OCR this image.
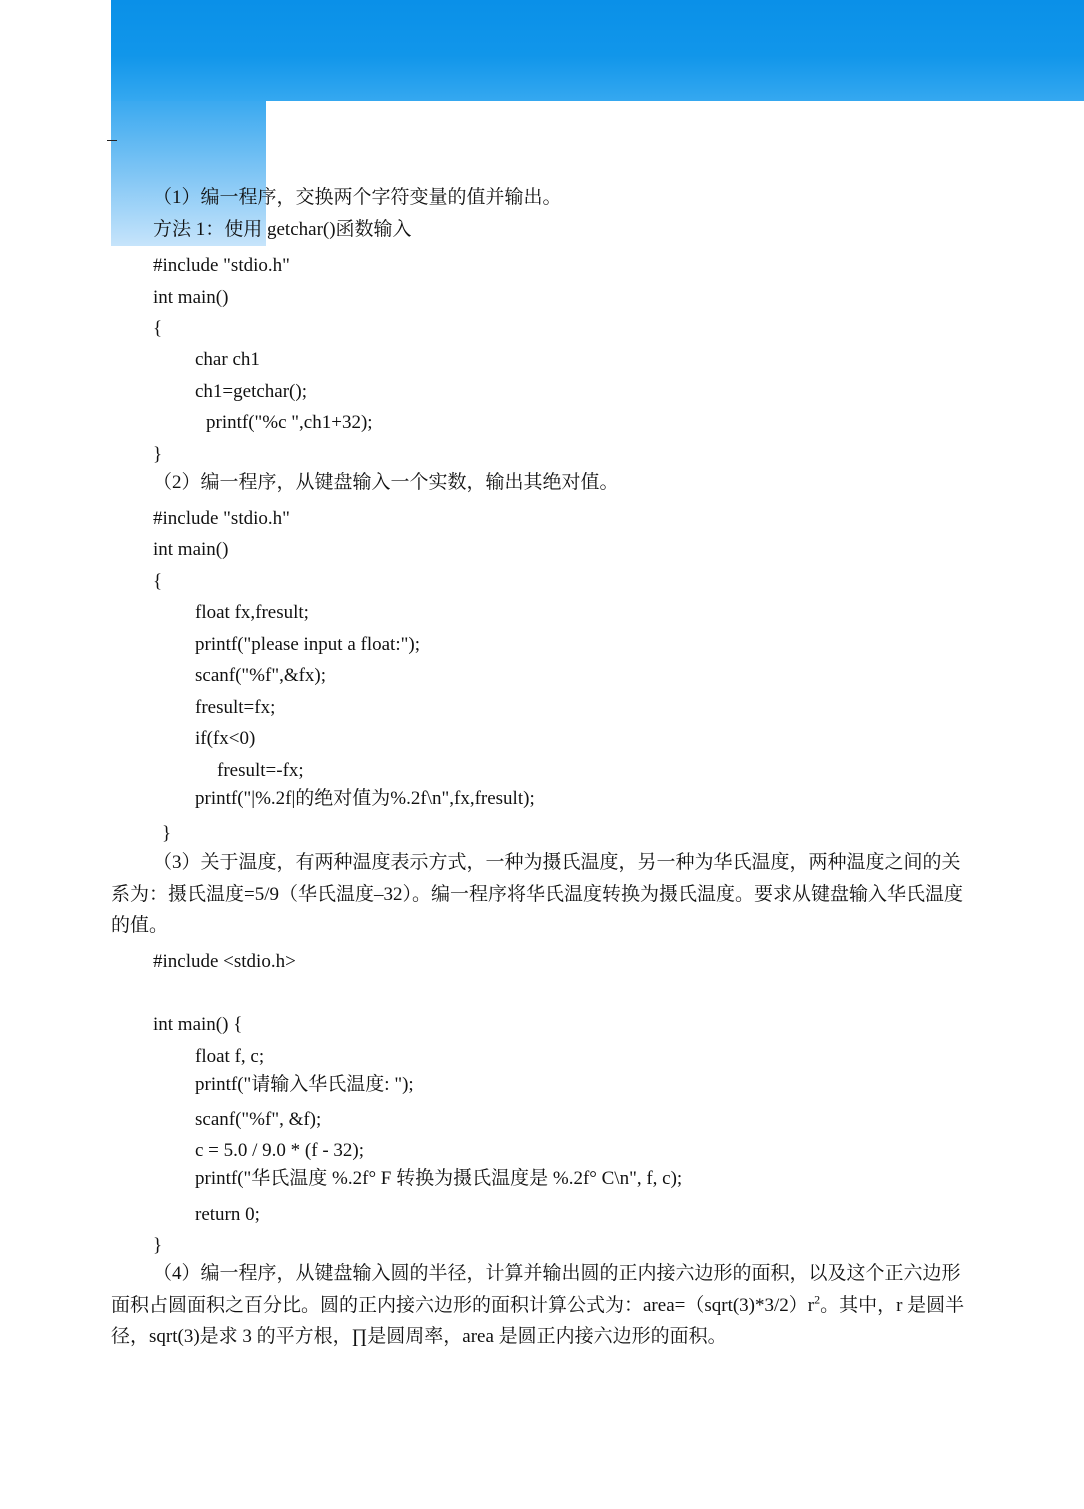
（1）编一程序，交换两个字符变量的值并输出。
方法 1：使用 getchar()函数输入
#include "stdio.h"
int main()
{
char ch1
ch1=getchar();
printf("%c ",ch1+32);
}
（2）编一程序，从键盘输入一个实数，输出其绝对值。
#include "stdio.h"
int main()
{
float fx,fresult;
printf("please input a float:");
scanf("%f",&fx);
fresult=fx;
if(fx<0)
fresult=-fx;
printf("|%.2f|的绝对值为%.2f\n",fx,fresult);
}
（3）关于温度，有两种温度表示方式，一种为摄氏温度，另一种为华氏温度，两种温度之间的关系为：摄氏温度=5/9（华氏温度–32）。编一程序将华氏温度转换为摄氏温度。要求从键盘输入华氏温度的值。
#include <stdio.h>
int main() {
float f, c;
printf("请输入华氏温度: ");
scanf("%f", &f);
c = 5.0 / 9.0 * (f - 32);
printf("华氏温度 %.2f° F 转换为摄氏温度是 %.2f° C\n", f, c);
return 0;
}
（4）编一程序，从键盘输入圆的半径，计算并输出圆的正内接六边形的面积，以及这个正六边形面积占圆面积之百分比。圆的正内接六边形的面积计算公式为：$area=(sqrt(3)*3/2)r^2$。其中，r 是圆半径，sqrt(3)是求 3 的平方根，∏是圆周率，area 是圆正内接六边形的面积。
